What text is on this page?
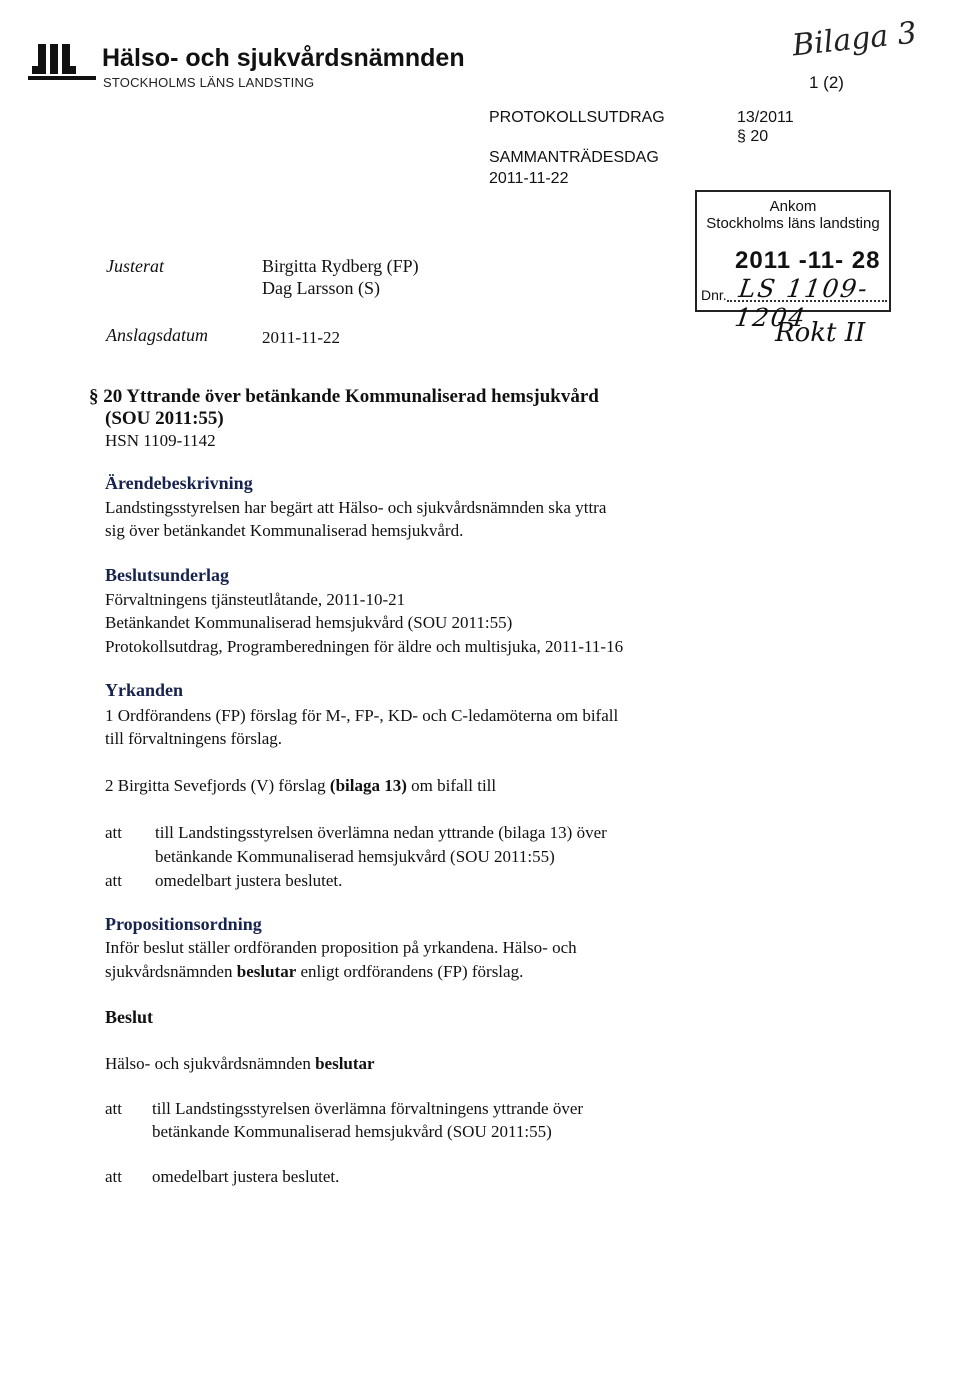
Hälso- och sjukvårdsnämnden
STOCKHOLMS LÄNS LANDSTING
Bilaga 3
1 (2)
PROTOKOLLSUTDRAG
SAMMANTRÄDESDAG
2011-11-22
13/2011
§ 20
Ankom
Stockholms läns landsting
2011 -11- 28
Dnr. LS 1109-1204
Rokt II
Justerat	Birgitta Rydberg (FP)
Dag Larsson (S)
Anslagsdatum	2011-11-22
§ 20 Yttrande över betänkande Kommunaliserad hemsjukvård
(SOU 2011:55)
HSN 1109-1142
Ärendebeskrivning
Landstingsstyrelsen har begärt att Hälso- och sjukvårdsnämnden ska yttra
sig över betänkandet Kommunaliserad hemsjukvård.
Beslutsunderlag
Förvaltningens tjänsteutlåtande, 2011-10-21
Betänkandet Kommunaliserad hemsjukvård (SOU 2011:55)
Protokollsutdrag, Programberedningen för äldre och multisjuka, 2011-11-16
Yrkanden
1 Ordförandens (FP) förslag för M-, FP-, KD- och C-ledamöterna om bifall
till förvaltningens förslag.
2 Birgitta Sevefjords (V) förslag (bilaga 13) om bifall till
att till Landstingsstyrelsen överlämna nedan yttrande (bilaga 13) över
betänkande Kommunaliserad hemsjukvård (SOU 2011:55)
att omedelbart justera beslutet.
Propositionsordning
Inför beslut ställer ordföranden proposition på yrkandena. Hälso- och
sjukvårdsnämnden beslutar enligt ordförandens (FP) förslag.
Beslut
Hälso- och sjukvårdsnämnden beslutar
att till Landstingsstyrelsen överlämna förvaltningens yttrande över
betänkande Kommunaliserad hemsjukvård (SOU 2011:55)
att omedelbart justera beslutet.
